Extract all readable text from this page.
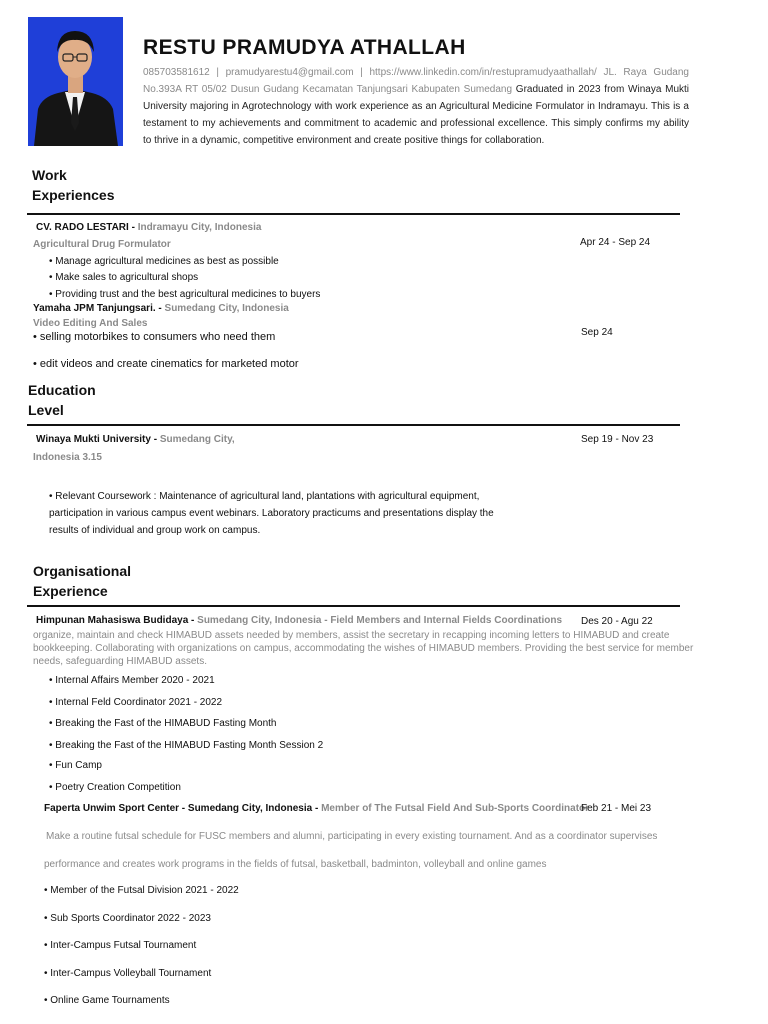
RESTU PRAMUDYA ATHALLAH
085703581612 | pramudyarestu4@gmail.com | https://www.linkedin.com/in/restupramudyaathallah/ JL. Raya Gudang No.393A RT 05/02 Dusun Gudang Kecamatan Tanjungsari Kabupaten Sumedang Graduated in 2023 from Winaya Mukti University majoring in Agrotechnology with work experience as an Agricultural Medicine Formulator in Indramayu. This is a testament to my achievements and commitment to academic and professional excellence. This simply confirms my ability to thrive in a dynamic, competitive environment and create positive things for collaboration.
Work
Experiences
CV. RADO LESTARI - Indramayu City, Indonesia
Agricultural Drug Formulator	Apr 24 - Sep 24
• Manage agricultural medicines as best as possible
• Make sales to agricultural shops
• Providing trust and the best agricultural medicines to buyers
Yamaha JPM Tanjungsari. - Sumedang City, Indonesia
Video Editing And Sales
Sep 24
• selling motorbikes to consumers who need them
• edit videos and create cinematics for marketed motor
Education
Level
Winaya Mukti University - Sumedang City,
Indonesia 3.15
Sep 19 - Nov 23
• Relevant Coursework : Maintenance of agricultural land, plantations with agricultural equipment, participation in various campus event webinars. Laboratory practicums and presentations display the results of individual and group work on campus.
Organisational
Experience
Himpunan Mahasiswa Budidaya - Sumedang City, Indonesia - Field Members and Internal Fields Coordinations Des 20 - Agu 22
organize, maintain and check HIMABUD assets needed by members, assist the secretary in recapping incoming letters to HIMABUD and create bookkeeping. Collaborating with organizations on campus, accommodating the wishes of HIMABUD members. Providing the best service for member needs, safeguarding HIMABUD assets.
• Internal Affairs Member 2020 - 2021
• Internal Feld Coordinator 2021 - 2022
• Breaking the Fast of the HIMABUD Fasting Month
• Breaking the Fast of the HIMABUD Fasting Month Session 2
• Fun Camp
• Poetry Creation Competition
Faperta Unwim Sport Center - Sumedang City, Indonesia - Member of The Futsal Field And Sub-Sports Coordinator
Feb 21 - Mei 23
Make a routine futsal schedule for FUSC members and alumni, participating in every existing tournament. And as a coordinator supervises
performance and creates work programs in the fields of futsal, basketball, badminton, volleyball and online games
• Member of the Futsal Division 2021 - 2022
• Sub Sports Coordinator 2022 - 2023
• Inter-Campus Futsal Tournament
• Inter-Campus Volleyball Tournament
• Online Game Tournaments
